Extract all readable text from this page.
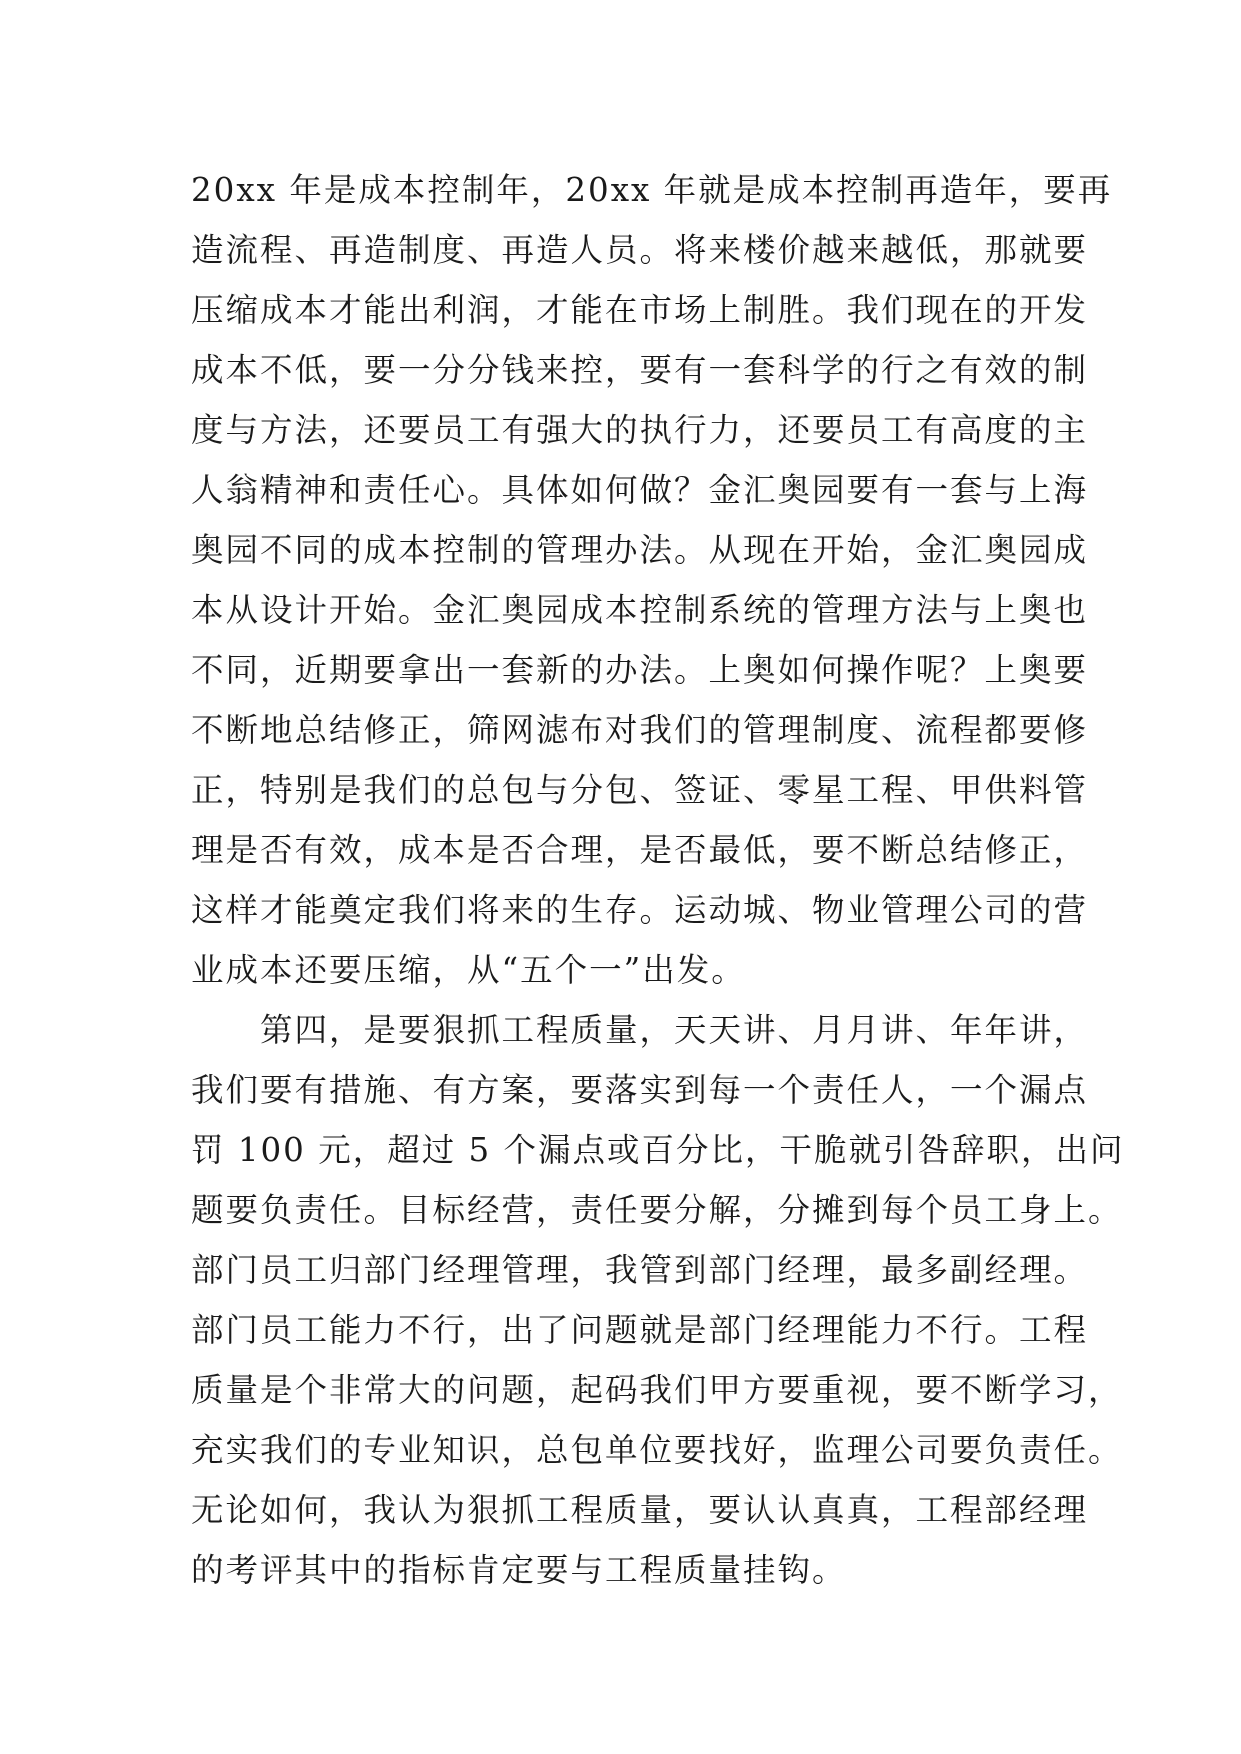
20xx 年是成本控制年，20xx 年就是成本控制再造年，要再
造流程、再造制度、再造人员。将来楼价越来越低，那就要
压缩成本才能出利润，才能在市场上制胜。我们现在的开发
成本不低，要一分分钱来控，要有一套科学的行之有效的制
度与方法，还要员工有强大的执行力，还要员工有高度的主
人翁精神和责任心。具体如何做？金汇奥园要有一套与上海
奥园不同的成本控制的管理办法。从现在开始，金汇奥园成
本从设计开始。金汇奥园成本控制系统的管理方法与上奥也
不同，近期要拿出一套新的办法。上奥如何操作呢？上奥要
不断地总结修正，筛网滤布对我们的管理制度、流程都要修
正，特别是我们的总包与分包、签证、零星工程、甲供料管
理是否有效，成本是否合理，是否最低，要不断总结修正，
这样才能奠定我们将来的生存。运动城、物业管理公司的营
业成本还要压缩，从“五个一”出发。
第四，是要狠抓工程质量，天天讲、月月讲、年年讲，
我们要有措施、有方案，要落实到每一个责任人，一个漏点
罚 100 元，超过 5 个漏点或百分比，干脆就引咎辞职，出问
题要负责任。目标经营，责任要分解，分摊到每个员工身上。
部门员工归部门经理管理，我管到部门经理，最多副经理。
部门员工能力不行，出了问题就是部门经理能力不行。工程
质量是个非常大的问题，起码我们甲方要重视，要不断学习，
充实我们的专业知识，总包单位要找好，监理公司要负责任。
无论如何，我认为狠抓工程质量，要认认真真，工程部经理
的考评其中的指标肯定要与工程质量挂钩。
